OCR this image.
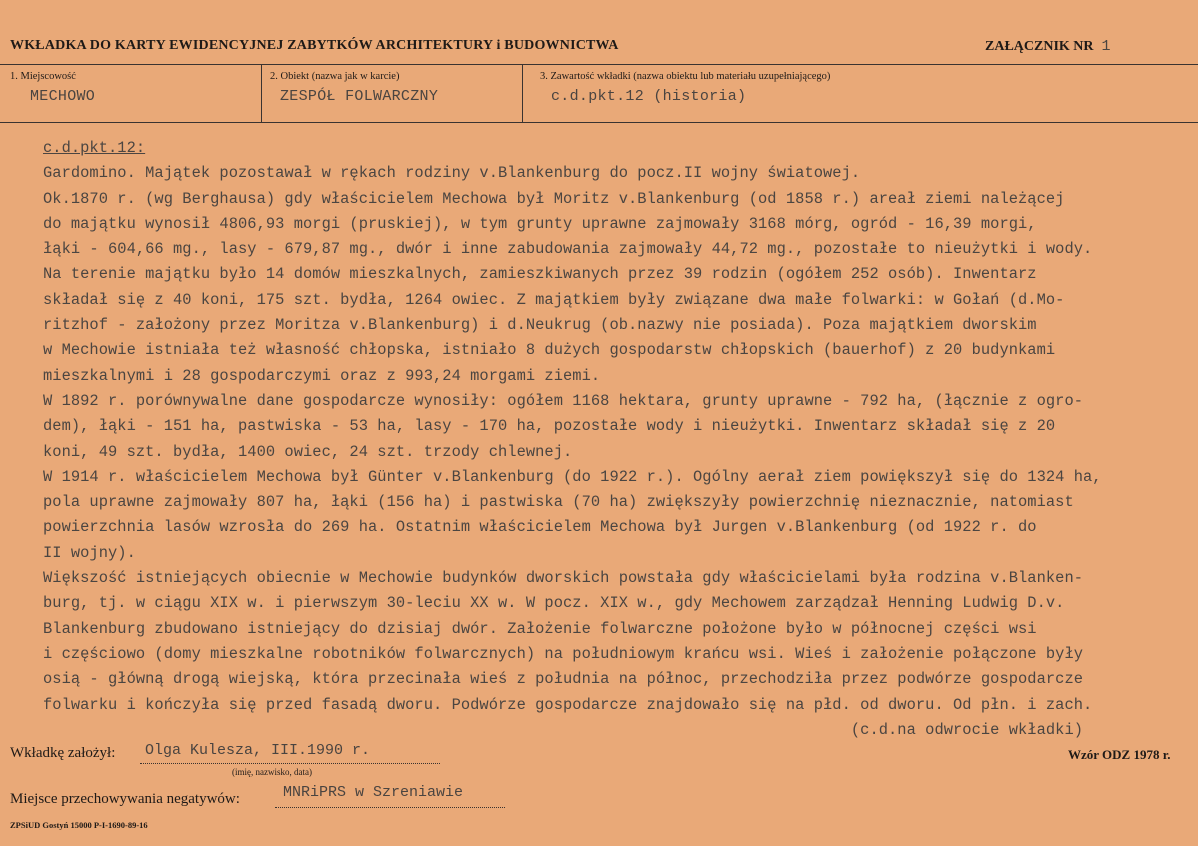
WKŁADKA DO KARTY EWIDENCYJNEJ ZABYTKÓW ARCHITEKTURY i BUDOWNICTWA	ZAŁĄCZNIK NR 1
1. Miejscowość
MECHOWO
2. Obiekt (nazwa jak w karcie)
ZESPÓŁ FOLWARCZNY
3. Zawartość wkładki (nazwa obiektu lub materiału uzupełniającego)
c.d.pkt.12 (historia)
c.d.pkt.12:
Gardomino. Majątek pozostawał w rękach rodziny v.Blankenburg do pocz.II wojny światowej.
Ok.1870 r. (wg Berghausa) gdy właścicielem Mechowa był Moritz v.Blankenburg (od 1858 r.) areał ziemi należącej
do majątku wynosił 4806,93 morgi (pruskiej), w tym grunty uprawne zajmowały 3168 mórg, ogród - 16,39 morgi,
łąki - 604,66 mg., lasy - 679,87 mg., dwór i inne zabudowania zajmowały 44,72 mg., pozostałe to nieużytki i wody.
Na terenie majątku było 14 domów mieszkalnych, zamieszkiwanych przez 39 rodzin (ogółem 252 osób). Inwentarz
składał się z 40 koni, 175 szt. bydła, 1264 owiec. Z majątkiem były związane dwa małe folwarki: w Gołań (d.Mo-
ritzhof - założony przez Moritza v.Blankenburg) i d.Neukrug (ob.nazwy nie posiada). Poza majątkiem dworskim
w Mechowie istniała też własność chłopska, istniało 8 dużych gospodarstw chłopskich (bauerhof) z 20 budynkami
mieszkalnymi i 28 gospodarczymi oraz z 993,24 morgami ziemi.
W 1892 r. porównywalne dane gospodarcze wynosiły: ogółem 1168 hektara, grunty uprawne - 792 ha, (łącznie z ogro-
dem), łąki - 151 ha, pastwiska - 53 ha, lasy - 170 ha, pozostałe wody i nieużytki. Inwentarz składał się z 20
koni, 49 szt. bydła, 1400 owiec, 24 szt. trzody chlewnej.
W 1914 r. właścicielem Mechowa był Günter v.Blankenburg (do 1922 r.). Ogólny aerał ziem powiększył się do 1324 ha,
pola uprawne zajmowały 807 ha, łąki (156 ha) i pastwiska (70 ha) zwiększyły powierzchnię nieznacznie, natomiast
powierzchnia lasów wzrosła do 269 ha. Ostatnim właścicielem Mechowa był Jurgen v.Blankenburg (od 1922 r. do
II wojny).
Większość istniejących obiecnie w Mechowie budynków dworskich powstała gdy właścicielami była rodzina v.Blanken-
burg, tj. w ciągu XIX w. i pierwszym 30-leciu XX w. W pocz. XIX w., gdy Mechowem zarządzał Henning Ludwig D.v.
Blankenburg zbudowano istniejący do dzisiaj dwór. Założenie folwarczne położone było w północnej części wsi
i częściowo (domy mieszkalne robotników folwarcznych) na południowym krańcu wsi. Wieś i założenie połączone były
osią - główną drogą wiejską, która przecinała wieś z południa na północ, przechodziła przez podwórze gospodarcze
folwarku i kończyła się przed fasadą dworu. Podwórze gospodarcze znajdowało się na płd. od dworu. Od płn. i zach.
(c.d.na odwrocie wkładki)
Wkładkę założył: Olga Kulesza, III.1990 r.
(imię, nazwisko, data)
Wzór ODZ 1978 r.
Miejsce przechowywania negatywów:	MNRiPRS w Szreniawie
ZPSiUD Gostyń 15000 P-I-1690-89-16
